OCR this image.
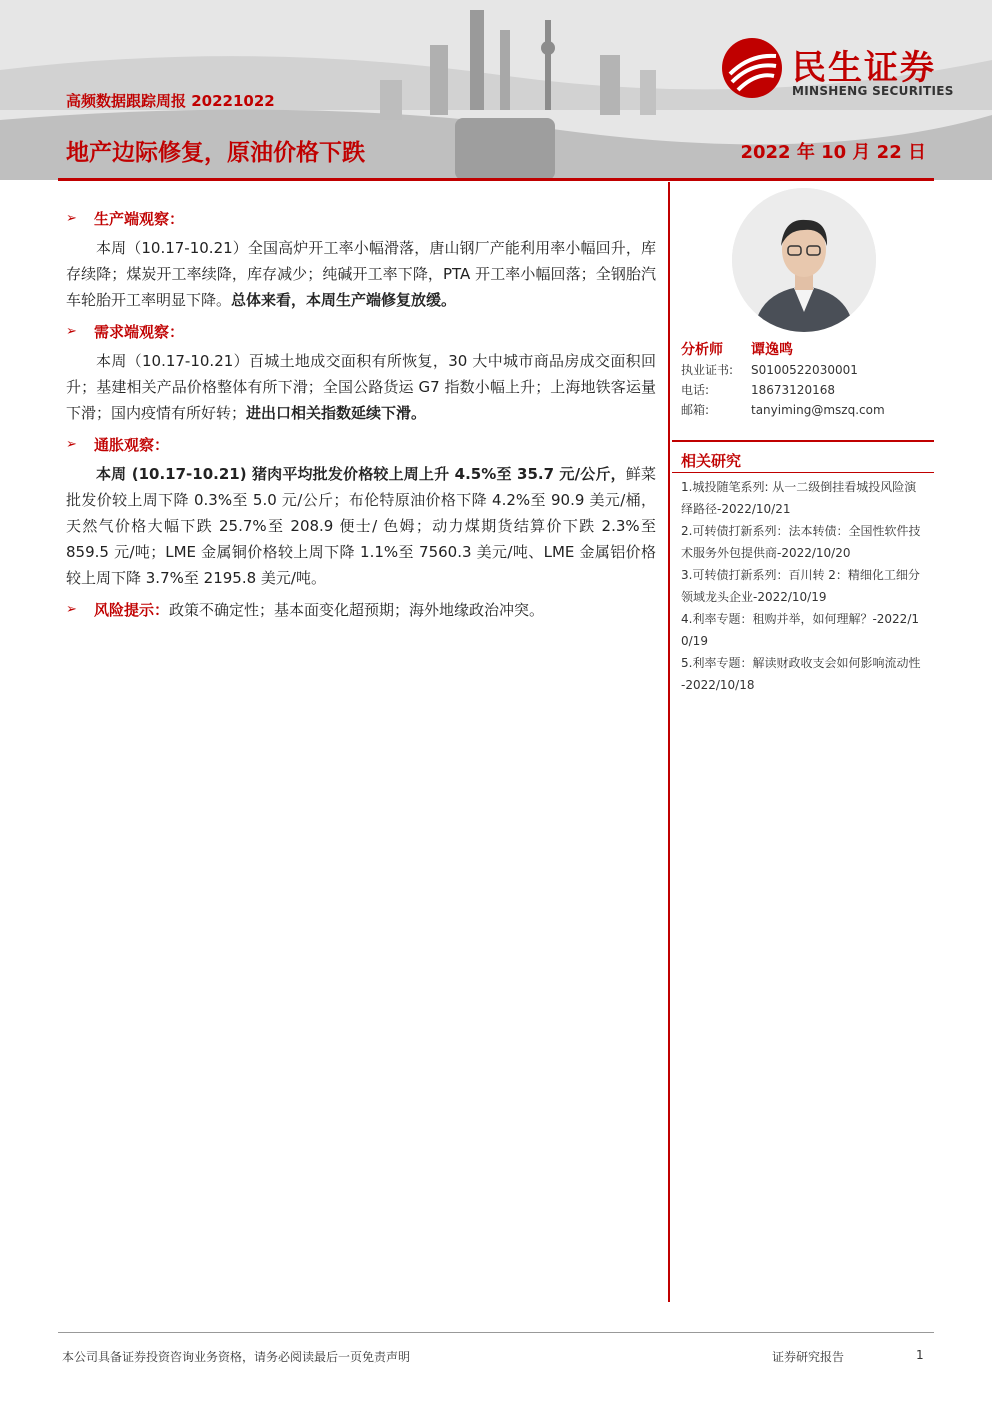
民生证券
MINSHENG SECURITIES
高频数据跟踪周报 20221022
地产边际修复，原油价格下跌	2022 年 10 月 22 日
➢	生产端观察：

本周（10.17-10.21）全国高炉开工率小幅滑落，唐山钢厂产能利用率小幅回升，库存续降；煤炭开工率续降，库存减少；纯碱开工率下降，PTA 开工率小幅回落；全钢胎汽车轮胎开工率明显下降。总体来看，本周生产端修复放缓。

➢	需求端观察：

本周（10.17-10.21）百城土地成交面积有所恢复，30 大中城市商品房成交面积回升；基建相关产品价格整体有所下滑；全国公路货运 G7 指数小幅上升；上海地铁客运量下滑；国内疫情有所好转；进出口相关指数延续下滑。

➢	通胀观察：

本周 (10.17-10.21) 猪肉平均批发价格较上周上升 4.5%至 35.7 元/公斤，鲜菜批发价较上周下降 0.3%至 5.0 元/公斤；布伦特原油价格下降 4.2%至 90.9 美元/桶，天然气价格大幅下跌 25.7%至 208.9 便士/ 色姆；动力煤期货结算价下跌 2.3%至 859.5 元/吨；LME 金属铜价格较上周下降 1.1%至 7560.3 美元/吨、LME 金属铝价格较上周下降 3.7%至 2195.8 美元/吨。

➢	风险提示： 政策不确定性；基本面变化超预期；海外地缘政治冲突。
分析师	谭逸鸣
执业证书:	S0100522030001
电话:	18673120168
邮箱:	tanyiming@mszq.com
相关研究
1.城投随笔系列: 从一二级倒挂看城投风险演
绎路径-2022/10/21
2.可转债打新系列：法本转债：全国性软件技
术服务外包提供商-2022/10/20
3.可转债打新系列：百川转 2：精细化工细分
领域龙头企业-2022/10/19
4.利率专题：租购并举，如何理解？-2022/1
0/19
5.利率专题：解读财政收支会如何影响流动性
-2022/10/18
本公司具备证券投资咨询业务资格，请务必阅读最后一页免责声明	证券研究报告	1
